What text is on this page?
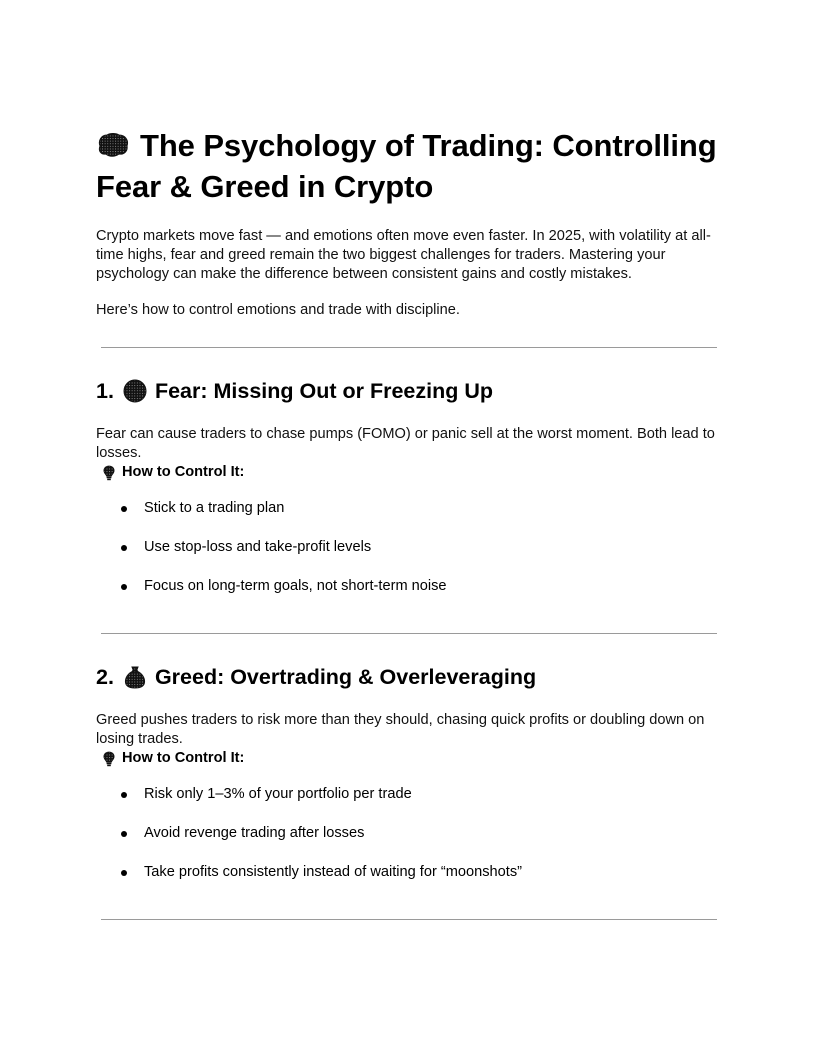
The Psychology of Trading: Controlling Fear & Greed in Crypto

Crypto markets move fast — and emotions often move even faster. In 2025, with volatility at all-time highs, fear and greed remain the two biggest challenges for traders. Mastering your psychology can make the difference between consistent gains and costly mistakes.

Here’s how to control emotions and trade with discipline.

1. Fear: Missing Out or Freezing Up

Fear can cause traders to chase pumps (FOMO) or panic sell at the worst moment. Both lead to losses.

How to Control It:
Stick to a trading plan
Use stop-loss and take-profit levels
Focus on long-term goals, not short-term noise
2. Greed: Overtrading & Overleveraging

Greed pushes traders to risk more than they should, chasing quick profits or doubling down on losing trades.

How to Control It:
Risk only 1–3% of your portfolio per trade
Avoid revenge trading after losses
Take profits consistently instead of waiting for “moonshots”
